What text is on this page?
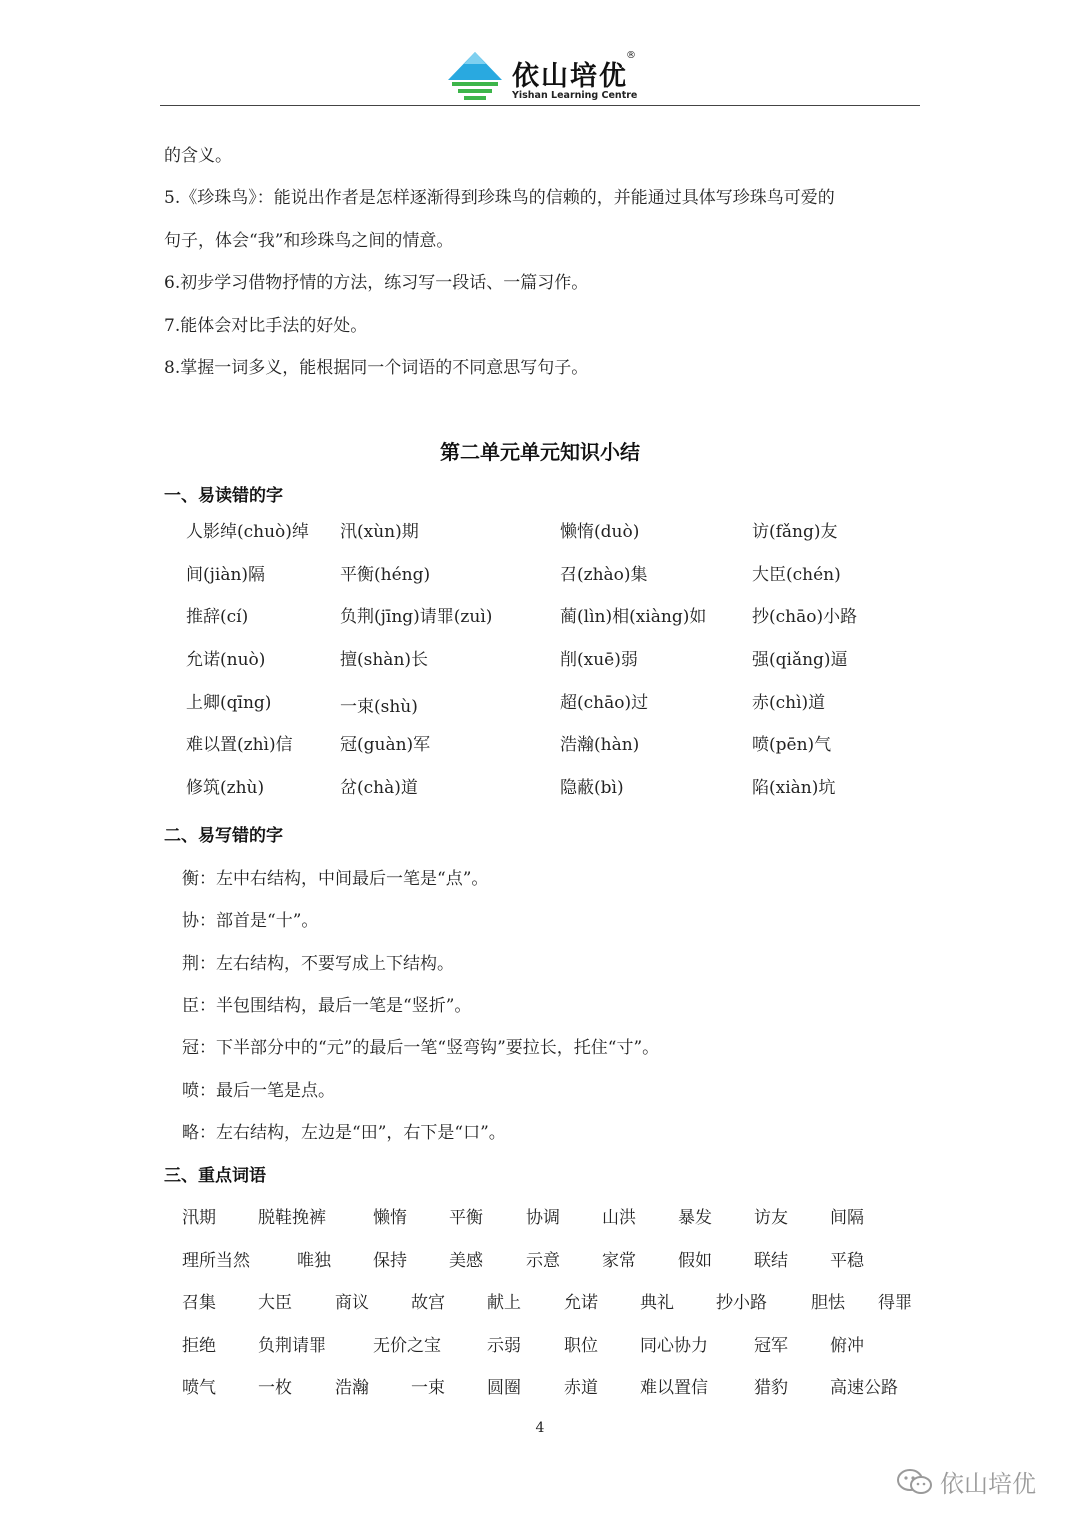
依山培优
®
Yishan Learning Centre
的含义。
5.《珍珠鸟》：能说出作者是怎样逐渐得到珍珠鸟的信赖的，并能通过具体写珍珠鸟可爱的
句子，体会“我”和珍珠鸟之间的情意。
6.初步学习借物抒情的方法，练习写一段话、一篇习作。
7.能体会对比手法的好处。
8.掌握一词多义，能根据同一个词语的不同意思写句子。
第二单元单元知识小结
一、易读错的字
人影绰(chuò)绰 汛(xùn)期	懒惰(duò)	访(fǎng)友
间(jiàn)隔	平衡(héng)	召(zhào)集	大臣(chén)
推辞(cí)	负荆(jīng)请罪(zuì)	蔺(lìn)相(xiàng)如	抄(chāo)小路
允诺(nuò)	擅(shàn)长	削(xuē)弱	强(qiǎng)逼
上卿(qīng)	一束(shù)	超(chāo)过	赤(chì)道
难以置(zhì)信	冠(guàn)军	浩瀚(hàn)	喷(pēn)气
修筑(zhù)	岔(chà)道	隐蔽(bì)	陷(xiàn)坑
二、易写错的字
衡：左中右结构，中间最后一笔是“点”。
协：部首是“十”。
荆：左右结构，不要写成上下结构。
臣：半包围结构，最后一笔是“竖折”。
冠：下半部分中的“元”的最后一笔“竖弯钩”要拉长，托住“寸”。
喷：最后一笔是点。
略：左右结构，左边是“田”，右下是“口”。
三、重点词语
汛期 脱鞋挽裤	懒惰 平衡	协调 山洪 暴发 访友 间隔
理所当然	唯独 保持 美感	示意 家常 假如 联结 平稳
召集 大臣	商议 故宫 献上	允诺 典礼 抄小路	胆怯 得罪
拒绝 负荆请罪	无价之宝	示弱	职位 同心协力	冠军 俯冲
喷气 一枚	浩瀚 一束 圆圈	赤道 难以置信	猎豹 高速公路
4
依山培优
